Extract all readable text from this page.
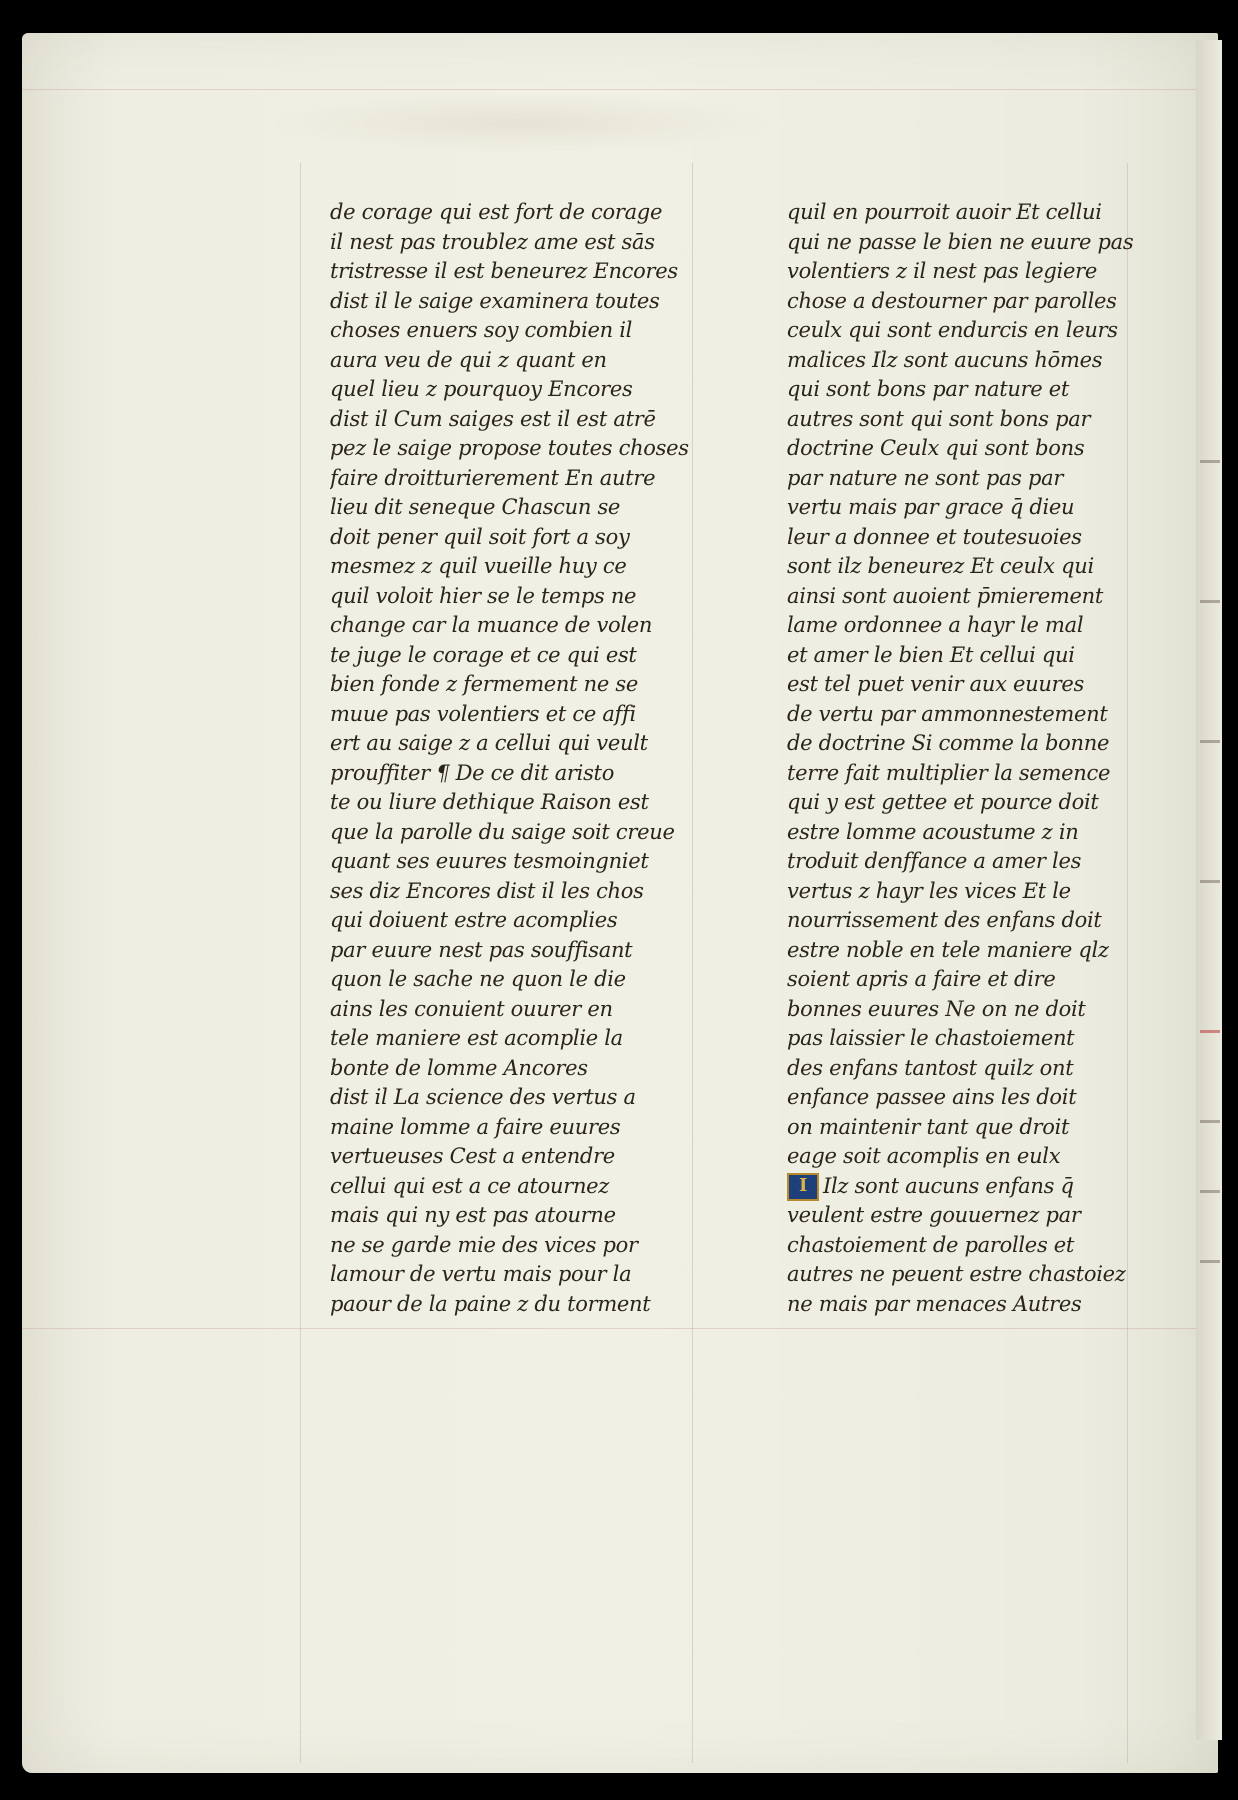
de corage qui est fort de corage
il nest pas troublez ame est sās
tristresse il est beneurez Encores
dist il le saige examinera toutes
choses enuers soy combien il
aura veu de qui z quant en
quel lieu z pourquoy Encores
dist il Cum saiges est il est atrē
pez le saige propose toutes choses
faire droitturierement En autre
lieu dit seneque Chascun se
doit pener quil soit fort a soy
mesmez z quil vueille huy ce
quil voloit hier se le temps ne
change car la muance de volen
te juge le corage et ce qui est
bien fonde z fermement ne se
muue pas volentiers et ce affi
ert au saige z a cellui qui veult
prouffiter ¶ De ce dit aristo
te ou liure dethique Raison est
que la parolle du saige soit creue
quant ses euures tesmoingniet
ses diz Encores dist il les chos
qui doiuent estre acomplies
par euure nest pas souffisant
quon le sache ne quon le die
ains les conuient ouurer en
tele maniere est acomplie la
bonte de lomme Ancores
dist il La science des vertus a
maine lomme a faire euures
vertueuses Cest a entendre
cellui qui est a ce atournez
mais qui ny est pas atourne
ne se garde mie des vices por
lamour de vertu mais pour la
paour de la paine z du torment
quil en pourroit auoir Et cellui
qui ne passe le bien ne euure pas
volentiers z il nest pas legiere
chose a destourner par parolles
ceulx qui sont endurcis en leurs
malices Ilz sont aucuns hōmes
qui sont bons par nature et
autres sont qui sont bons par
doctrine Ceulx qui sont bons
par nature ne sont pas par
vertu mais par grace q̄ dieu
leur a donnee et toutesuoies
sont ilz beneurez Et ceulx qui
ainsi sont auoient p̄mierement
lame ordonnee a hayr le mal
et amer le bien Et cellui qui
est tel puet venir aux euures
de vertu par ammonnestement
de doctrine Si comme la bonne
terre fait multiplier la semence
qui y est gettee et pource doit
estre lomme acoustume z in
troduit denffance a amer les
vertus z hayr les vices Et le
nourrissement des enfans doit
estre noble en tele maniere qlz
soient apris a faire et dire
bonnes euures Ne on ne doit
pas laissier le chastoiement
des enfans tantost quilz ont
enfance passee ains les doit
on maintenir tant que droit
eage soit acomplis en eulx
I Ilz sont aucuns enfans q̄
veulent estre gouuernez par
chastoiement de parolles et
autres ne peuent estre chastoiez
ne mais par menaces Autres
